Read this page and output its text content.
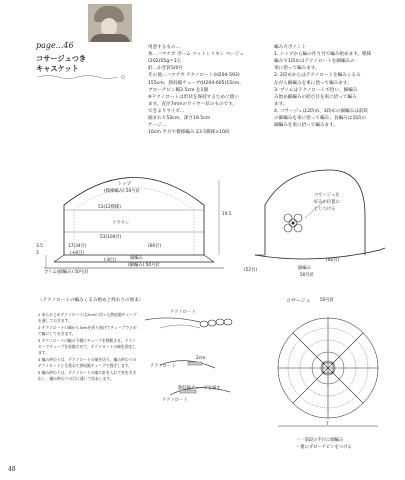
page...46
コサージュつき
キャスケット

用意するもの…

糸…ハマナカ ボーム コットンリネン ベージュ

(202)55g＝3玉

針…かぎ針5/0号

その他…ハマナカ テクノロート(H204-593)

155cm、熱収縮チューブ(H204-605)15cm、

ブローチピン幅2.5cm を1個

※テクノロートは形状を保持するために使い

ます。直径7mmのワイヤー状のものです。

できよりサイズ…

頭まわり53cm、深さ19.5cm

ゲージ…

10cm 平方で模様編み 23.5模様×10段

編み方ポイント

1. トップから輪の作り目で編み始めます。模様

編みで1段めはテクノロートを細編みの

束に拾って編みます。

2. 2段めからはテクノロートを編みくるみ

ながら細編みを束に拾って編みます。

3. ブリムはテクノロートで拾い、細編み

み始め細編みの結び目を束に拾って編み

ます。

4. コサージュは2段め、3段めの細編みは前段

の細編みを束に拾って編み、長編みは前段の

細編みを束に拾って編みます。

トップ
(模様編み) 50号針
53(12模様)
クラウン
53(100目)
19.5
3.5
3
17(34目)
(+8目)
(66目)
(-8目)
ブリム(細編み) 50号針
縁編み
(細編み) 50号針
コサージュを
好みの位置に
とじつける
(52目)
(66目)
縁編み
50号針
〈テクノロートの編みくるみ始めと終わりの始末〉

1 あらかじめテクノロートは2cmに切った熱収縮チューブを通しておきます。

2 テクノロートの端から3cmを折り曲げてチューブでとめて輪にしておきます。

3 テクノロートの輪の下側にチューブを移動させ、ドライヤーでチューブを収縮させて、テクノロートの端を固定します。

4 編み終わりは、テクノロートの端を切り、編み終わりのテクノロートとも重ねて熱収縮チューブで固定します。

5 編み終わりは、テクノロートの端に針を入れて糸を引き出し、編み終わりの目に通して始末します。

テクノロート
2cm
テクノロート
テクノロート
熱収縮チューブを通す
コサージュ 50号針
7
＝一前段の半目に細編み
＝裏にブローチピンをつける
48
